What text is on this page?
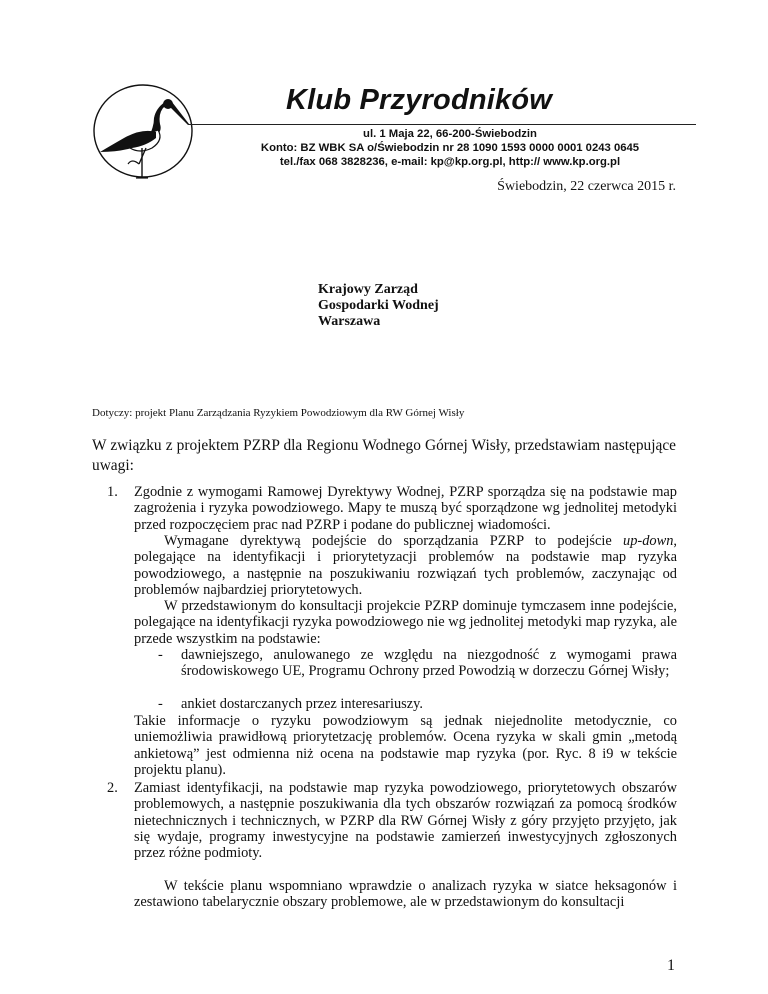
Klub Przyrodników
ul. 1 Maja 22, 66-200-Świebodzin
Konto: BZ WBK SA o/Świebodzin nr 28 1090 1593 0000 0001 0243 0645
tel./fax 068 3828236, e-mail: kp@kp.org.pl, http:// www.kp.org.pl
Świebodzin, 22 czerwca 2015 r.
Krajowy Zarząd
Gospodarki Wodnej
Warszawa
Dotyczy: projekt Planu Zarządzania Ryzykiem Powodziowym dla RW Górnej Wisły
W związku z projektem PZRP dla Regionu Wodnego Górnej Wisły, przedstawiam następujące uwagi:
1. Zgodnie z wymogami Ramowej Dyrektywy Wodnej, PZRP sporządza się na podstawie map zagrożenia i ryzyka powodziowego. Mapy te muszą być sporządzone wg jednolitej metodyki przed rozpoczęciem prac nad PZRP i podane do publicznej wiadomości.

Wymagane dyrektywą podejście do sporządzania PZRP to podejście up-down, polegające na identyfikacji i priorytetyzacji problemów na podstawie map ryzyka powodziowego, a następnie na poszukiwaniu rozwiązań tych problemów, zaczynając od problemów najbardziej priorytetowych.

W przedstawionym do konsultacji projekcie PZRP dominuje tymczasem inne podejście, polegające na identyfikacji ryzyka powodziowego nie wg jednolitej metodyki map ryzyka, ale przede wszystkim na podstawie:

- dawniejszego, anulowanego ze względu na niezgodność z wymogami prawa środowiskowego UE, Programu Ochrony przed Powodzią w dorzeczu Górnej Wisły;
- ankiet dostarczanych przez interesariuszy.

Takie informacje o ryzyku powodziowym są jednak niejednolite metodycznie, co uniemożliwia prawidłową priorytetzację problemów. Ocena ryzyka w skali gmin „metodą ankietową” jest odmienna niż ocena na podstawie map ryzyka (por. Ryc. 8 i9 w tekście projektu planu).

2. Zamiast identyfikacji, na podstawie map ryzyka powodziowego, priorytetowych obszarów problemowych, a następnie poszukiwania dla tych obszarów rozwiązań za pomocą środków nietechnicznych i technicznych, w PZRP dla RW Górnej Wisły z góry przyjęto przyjęto, jak się wydaje, programy inwestycyjne na podstawie zamierzeń inwestycyjnych zgłoszonych przez różne podmioty.

W tekście planu wspomniano wprawdzie o analizach ryzyka w siatce heksagonów i zestawiono tabelarycznie obszary problemowe, ale w przedstawionym do konsultacji

1
